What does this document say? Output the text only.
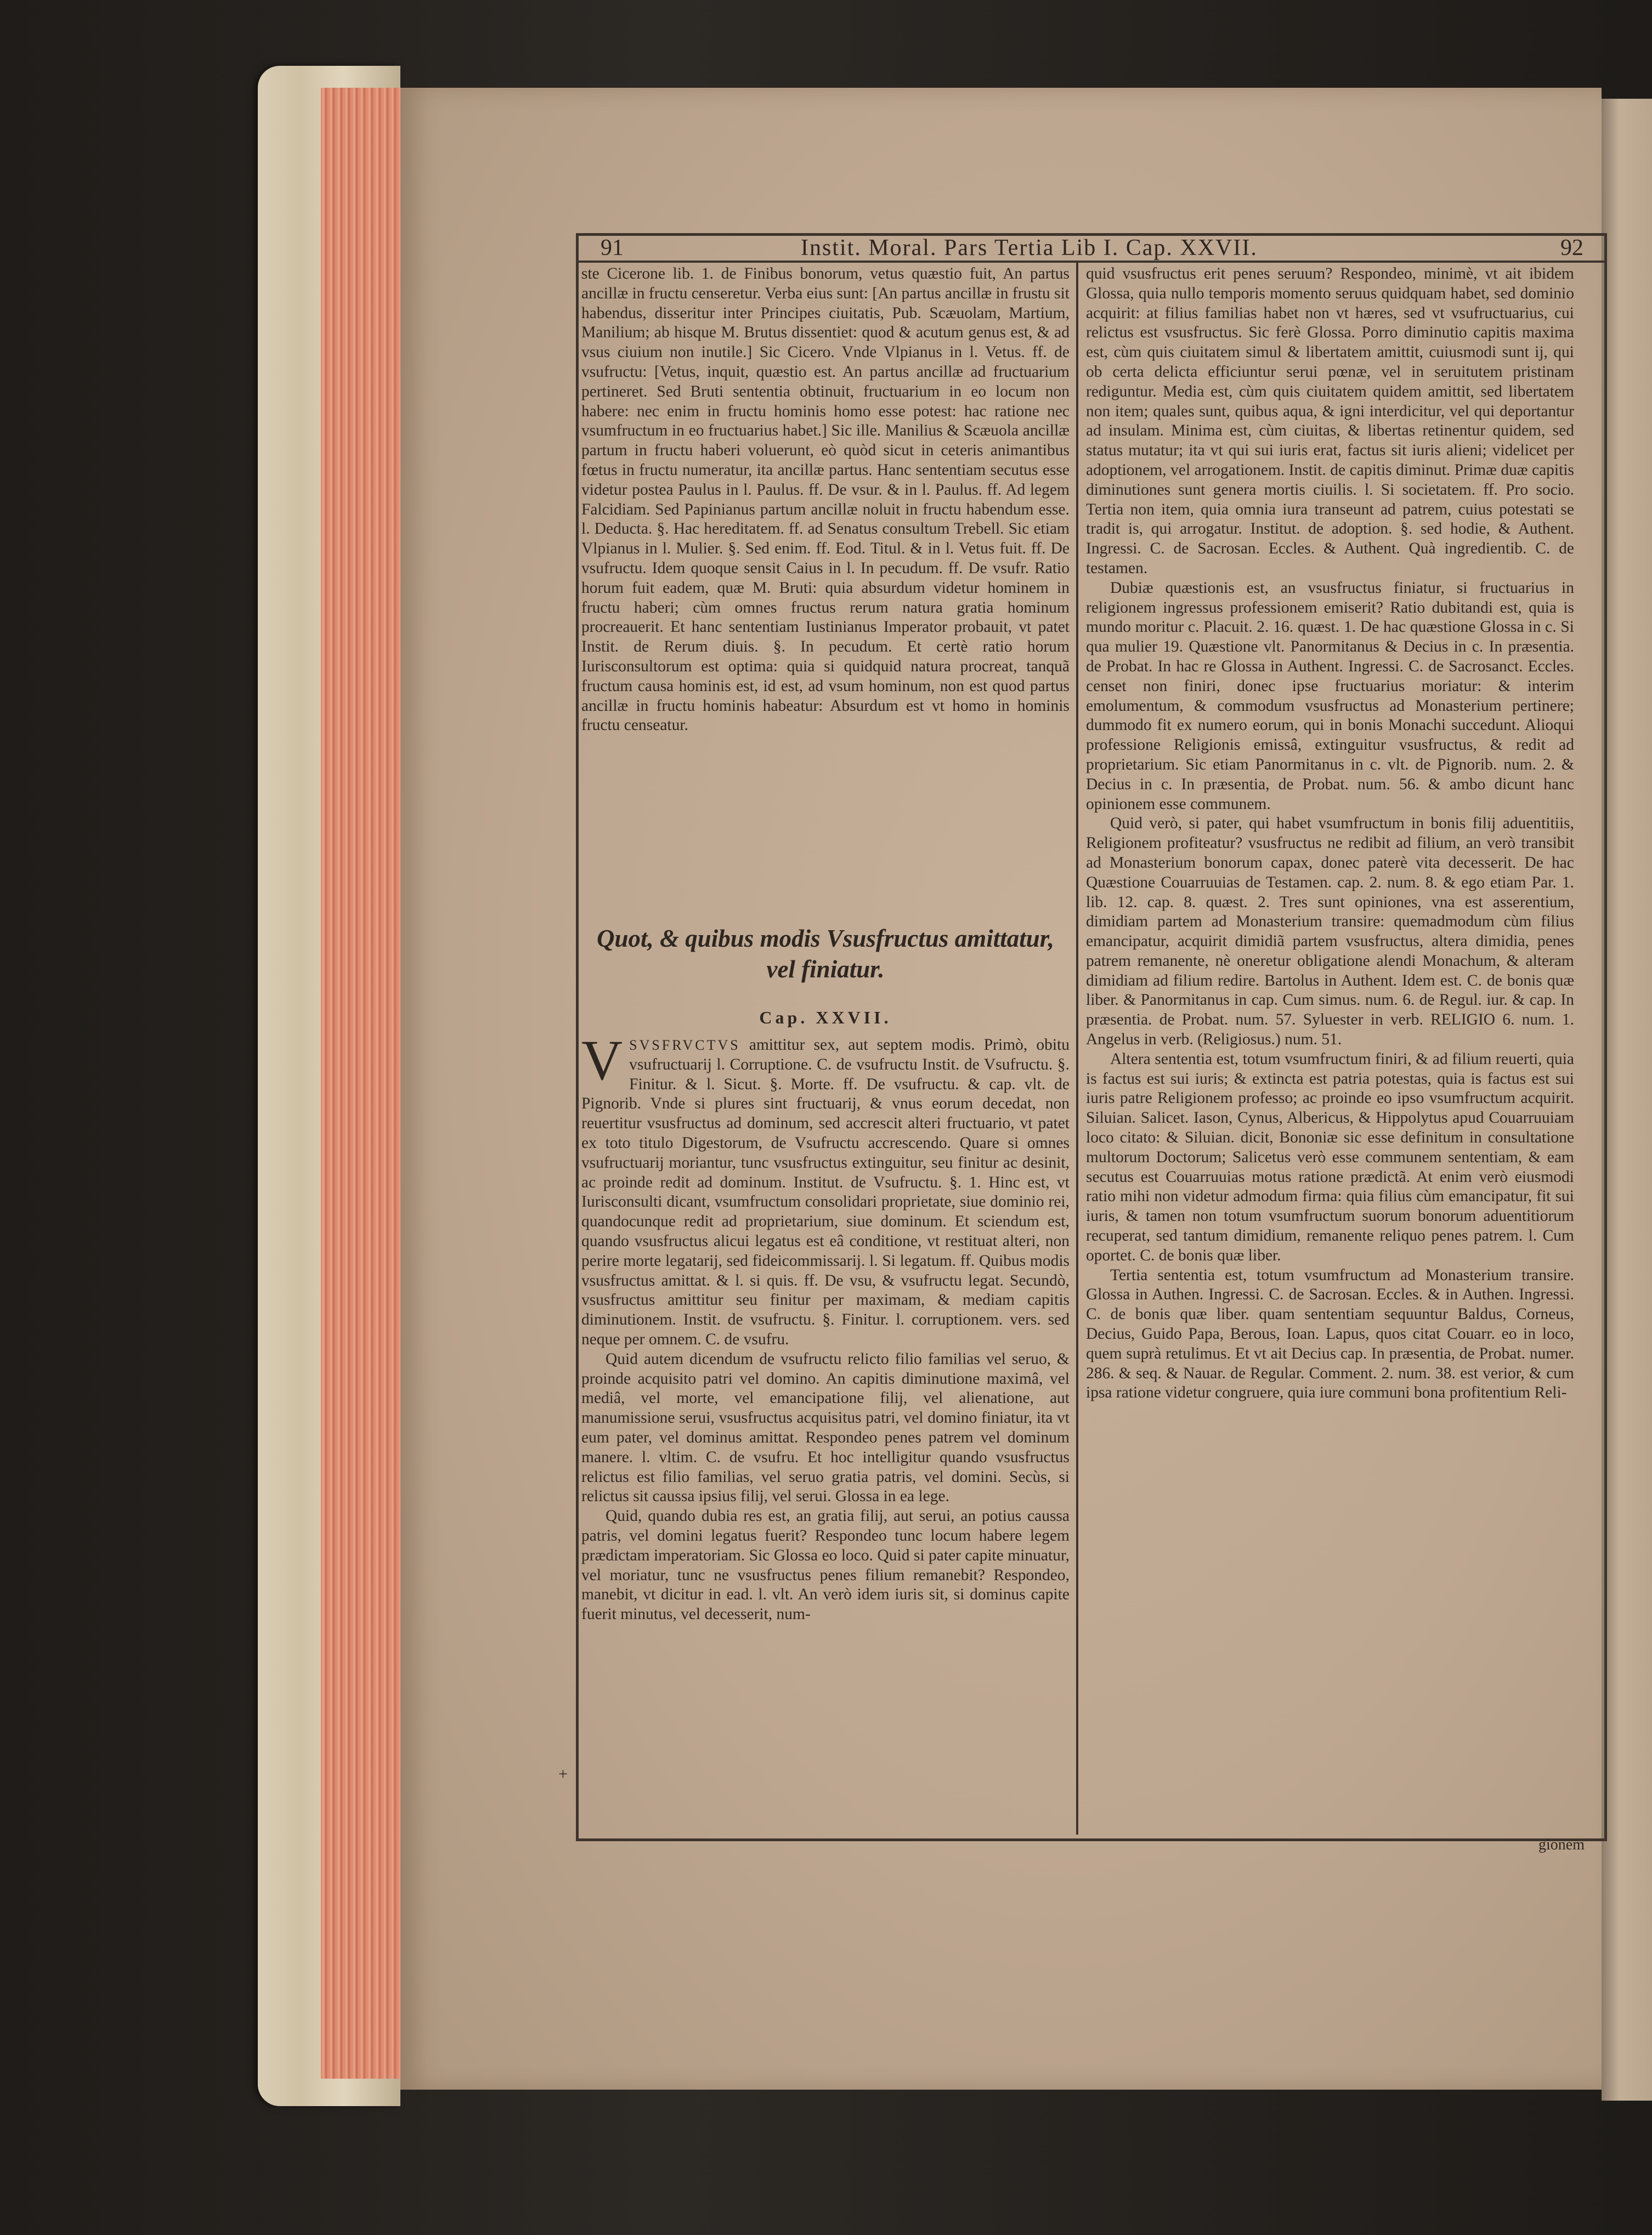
91	Instit. Moral. Pars Tertia Lib I. Cap. XXVII.	92

ste Cicerone lib. 1. de Finibus bonorum, vetus quæstio fuit, An partus ancillæ in fructu censeretur. Verba eius sunt: [An partus ancillæ in frustu sit habendus, disseritur inter Principes ciuitatis, Pub. Scæuolam, Martium, Manilium; ab hisque M. Brutus dissentiet: quod & acutum genus est, & ad vsus ciuium non inutile.] Sic Cicero. Vnde Vlpianus in l. Vetus. ff. de vsufructu: [Vetus, inquit, quæstio est. An partus ancillæ ad fructuarium pertineret. Sed Bruti sententia obtinuit, fructuarium in eo locum non habere: nec enim in fructu hominis homo esse potest: hac ratione nec vsumfructum in eo fructuarius habet.] Sic ille. Manilius & Scæuola ancillæ partum in fructu haberi voluerunt, eò quòd sicut in ceteris animantibus fœtus in fructu numeratur, ita ancillæ partus. Hanc sententiam secutus esse videtur postea Paulus in l. Paulus. ff. De vsur. & in l. Paulus. ff. Ad legem Falcidiam. Sed Papinianus partum ancillæ noluit in fructu habendum esse. l. Deducta. §. Hac hereditatem. ff. ad Senatus consultum Trebell. Sic etiam Vlpianus in l. Mulier. §. Sed enim. ff. Eod. Titul. & in l. Vetus fuit. ff. De vsufructu. Idem quoque sensit Caius in l. In pecudum. ff. De vsufr. Ratio horum fuit eadem, quæ M. Bruti: quia absurdum videtur hominem in fructu haberi; cùm omnes fructus rerum natura gratia hominum procreauerit. Et hanc sententiam Iustinianus Imperator probauit, vt patet Instit. de Rerum diuis. §. In pecudum. Et certè ratio horum Iurisconsultorum est optima: quia si quidquid natura procreat, tanquã fructum causa hominis est, id est, ad vsum hominum, non est quod partus ancillæ in fructu hominis habeatur: Absurdum est vt homo in hominis fructu censeatur.

Quot, & quibus modis Vsusfructus amittatur, vel finiatur.
Cap. XXVII.

VSVSFRVCTVS amittitur sex, aut septem modis. Primò, obitu vsufructuarij l. Corruptione. C. de vsufructu Instit. de Vsufructu. §. Finitur. & l. Sicut. §. Morte. ff. De vsufructu. & cap. vlt. de Pignorib. Vnde si plures sint fructuarij, & vnus eorum decedat, non reuertitur vsusfructus ad dominum, sed accrescit alteri fructuario, vt patet ex toto titulo Digestorum, de Vsufructu accrescendo. Quare si omnes vsufructuarij moriantur, tunc vsusfructus extinguitur, seu finitur ac desinit, ac proinde redit ad dominum. Institut. de Vsufructu. §. 1. Hinc est, vt Iurisconsulti dicant, vsumfructum consolidari proprietate, siue dominio rei, quandocunque redit ad proprietarium, siue dominum. Et sciendum est, quando vsusfructus alicui legatus est eâ conditione, vt restituat alteri, non perire morte legatarij, sed fideicommissarij. l. Si legatum. ff. Quibus modis vsusfructus amittat. & l. si quis. ff. De vsu, & vsufructu legat. Secundò, vsusfructus amittitur seu finitur per maximam, & mediam capitis diminutionem. Instit. de vsufructu. §. Finitur. l. corruptionem. vers. sed neque per omnem. C. de vsufru.

Quid autem dicendum de vsufructu relicto filio familias vel seruo, & proinde acquisito patri vel domino. An capitis diminutione maximâ, vel mediâ, vel morte, vel emancipatione filij, vel alienatione, aut manumissione serui, vsusfructus acquisitus patri, vel domino finiatur, ita vt eum pater, vel dominus amittat. Respondeo penes patrem vel dominum manere. l. vltim. C. de vsufru. Et hoc intelligitur quando vsusfructus relictus est filio familias, vel seruo gratia patris, vel domini. Secùs, si relictus sit caussa ipsius filij, vel serui. Glossa in ea lege.

Quid, quando dubia res est, an gratia filij, aut serui, an potius caussa patris, vel domini legatus fuerit? Respondeo tunc locum habere legem prædictam imperatoriam. Sic Glossa eo loco. Quid si pater capite minuatur, vel moriatur, tunc ne vsusfructus penes filium remanebit? Respondeo, manebit, vt dicitur in ead. l. vlt. An verò idem iuris sit, si dominus capite fuerit minutus, vel decesserit, num-

quid vsusfructus erit penes seruum? Respondeo, minimè, vt ait ibidem Glossa, quia nullo temporis momento seruus quidquam habet, sed dominio acquirit: at filius familias habet non vt hæres, sed vt vsufructuarius, cui relictus est vsusfructus. Sic ferè Glossa. Porro diminutio capitis maxima est, cùm quis ciuitatem simul & libertatem amittit, cuiusmodi sunt ij, qui ob certa delicta efficiuntur serui pœnæ, vel in seruitutem pristinam rediguntur. Media est, cùm quis ciuitatem quidem amittit, sed libertatem non item; quales sunt, quibus aqua, & igni interdicitur, vel qui deportantur ad insulam. Minima est, cùm ciuitas, & libertas retinentur quidem, sed status mutatur; ita vt qui sui iuris erat, factus sit iuris alieni; videlicet per adoptionem, vel arrogationem. Instit. de capitis diminut. Primæ duæ capitis diminutiones sunt genera mortis ciuilis. l. Si societatem. ff. Pro socio. Tertia non item, quia omnia iura transeunt ad patrem, cuius potestati se tradit is, qui arrogatur. Institut. de adoption. §. sed hodie, & Authent. Ingressi. C. de Sacrosan. Eccles. & Authent. Quà ingredientib. C. de testamen.

Dubiæ quæstionis est, an vsusfructus finiatur, si fructuarius in religionem ingressus professionem emiserit? Ratio dubitandi est, quia is mundo moritur c. Placuit. 2. 16. quæst. 1. De hac quæstione Glossa in c. Si qua mulier 19. Quæstione vlt. Panormitanus & Decius in c. In præsentia. de Probat. In hac re Glossa in Authent. Ingressi. C. de Sacrosanct. Eccles. censet non finiri, donec ipse fructuarius moriatur: & interim emolumentum, & commodum vsusfructus ad Monasterium pertinere; dummodo fit ex numero eorum, qui in bonis Monachi succedunt. Alioqui professione Religionis emissâ, extinguitur vsusfructus, & redit ad proprietarium. Sic etiam Panormitanus in c. vlt. de Pignorib. num. 2. & Decius in c. In præsentia, de Probat. num. 56. & ambo dicunt hanc opinionem esse communem.

Quid verò, si pater, qui habet vsumfructum in bonis filij aduentitiis, Religionem profiteatur? vsusfructus ne redibit ad filium, an verò transibit ad Monasterium bonorum capax, donec paterè vita decesserit. De hac Quæstione Couarruuias de Testamen. cap. 2. num. 8. & ego etiam Par. 1. lib. 12. cap. 8. quæst. 2. Tres sunt opiniones, vna est asserentium, dimidiam partem ad Monasterium transire: quemadmodum cùm filius emancipatur, acquirit dimidiã partem vsusfructus, altera dimidia, penes patrem remanente, nè oneretur obligatione alendi Monachum, & alteram dimidiam ad filium redire. Bartolus in Authent. Idem est. C. de bonis quæ liber. & Panormitanus in cap. Cum simus. num. 6. de Regul. iur. & cap. In præsentia. de Probat. num. 57. Syluester in verb. RELIGIO 6. num. 1. Angelus in verb. (Religiosus.) num. 51.

Altera sententia est, totum vsumfructum finiri, & ad filium reuerti, quia is factus est sui iuris; & extincta est patria potestas, quia is factus est sui iuris patre Religionem professo; ac proinde eo ipso vsumfructum acquirit. Siluian. Salicet. Iason, Cynus, Albericus, & Hippolytus apud Couarruuiam loco citato: & Siluian. dicit, Bononiæ sic esse definitum in consultatione multorum Doctorum; Salicetus verò esse communem sententiam, & eam secutus est Couarruuias motus ratione prædictã. At enim verò eiusmodi ratio mihi non videtur admodum firma: quia filius cùm emancipatur, fit sui iuris, & tamen non totum vsumfructum suorum bonorum aduentitiorum recuperat, sed tantum dimidium, remanente reliquo penes patrem. l. Cum oportet. C. de bonis quæ liber.

Tertia sententia est, totum vsumfructum ad Monasterium transire. Glossa in Authen. Ingressi. C. de Sacrosan. Eccles. & in Authen. Ingressi. C. de bonis quæ liber. quam sententiam sequuntur Baldus, Corneus, Decius, Guido Papa, Berous, Ioan. Lapus, quos citat Couarr. eo in loco, quem suprà retulimus. Et vt ait Decius cap. In præsentia, de Probat. numer. 286. & seq. & Nauar. de Regular. Comment. 2. num. 38. est verior, & cum ipsa ratione videtur congruere, quia iure communi bona profitentium Reli-

gionem
+
